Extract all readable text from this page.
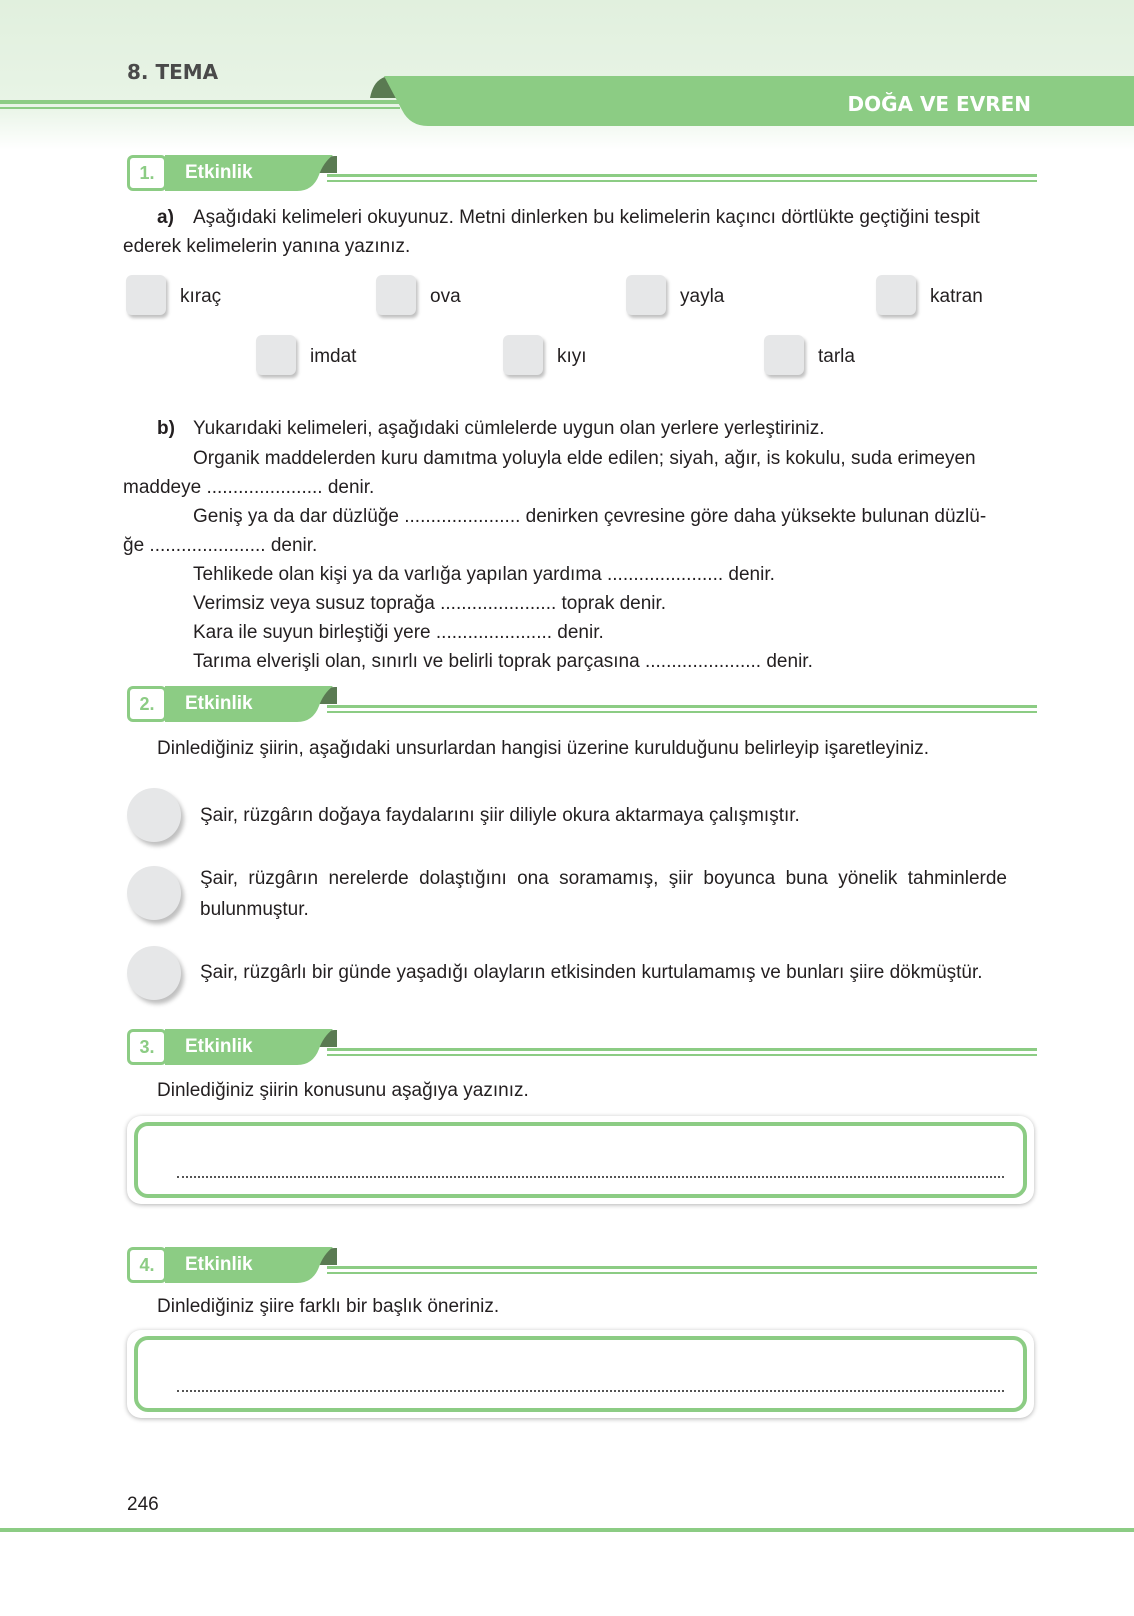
8. TEMA
DOĞA VE EVREN
1.	Etkinlik
a) Aşağıdaki kelimeleri okuyunuz. Metni dinlerken bu kelimelerin kaçıncı dörtlükte geçtiğini tespit
ederek kelimelerin yanına yazınız.
kıraç	ova	yayla	katran
imdat	kıyı	tarla
b) Yukarıdaki kelimeleri, aşağıdaki cümlelerde uygun olan yerlere yerleştiriniz.
Organik maddelerden kuru damıtma yoluyla elde edilen; siyah, ağır, is kokulu, suda erimeyen
maddeye ...................... denir.
Geniş ya da dar düzlüğe ...................... denirken çevresine göre daha yüksekte bulunan düzlü-
ğe ...................... denir.
Tehlikede olan kişi ya da varlığa yapılan yardıma ...................... denir.
Verimsiz veya susuz toprağa ...................... toprak denir.
Kara ile suyun birleştiği yere ...................... denir.
Tarıma elverişli olan, sınırlı ve belirli toprak parçasına ...................... denir.
2.	Etkinlik
Dinlediğiniz şiirin, aşağıdaki unsurlardan hangisi üzerine kurulduğunu belirleyip işaretleyiniz.
Şair, rüzgârın doğaya faydalarını şiir diliyle okura aktarmaya çalışmıştır.
Şair, rüzgârın nerelerde dolaştığını ona soramamış, şiir boyunca buna yönelik tahminlerde
bulunmuştur.
Şair, rüzgârlı bir günde yaşadığı olayların etkisinden kurtulamamış ve bunları şiire dökmüştür.
3.	Etkinlik
Dinlediğiniz şiirin konusunu aşağıya yazınız.
4.	Etkinlik
Dinlediğiniz şiire farklı bir başlık öneriniz.
246
